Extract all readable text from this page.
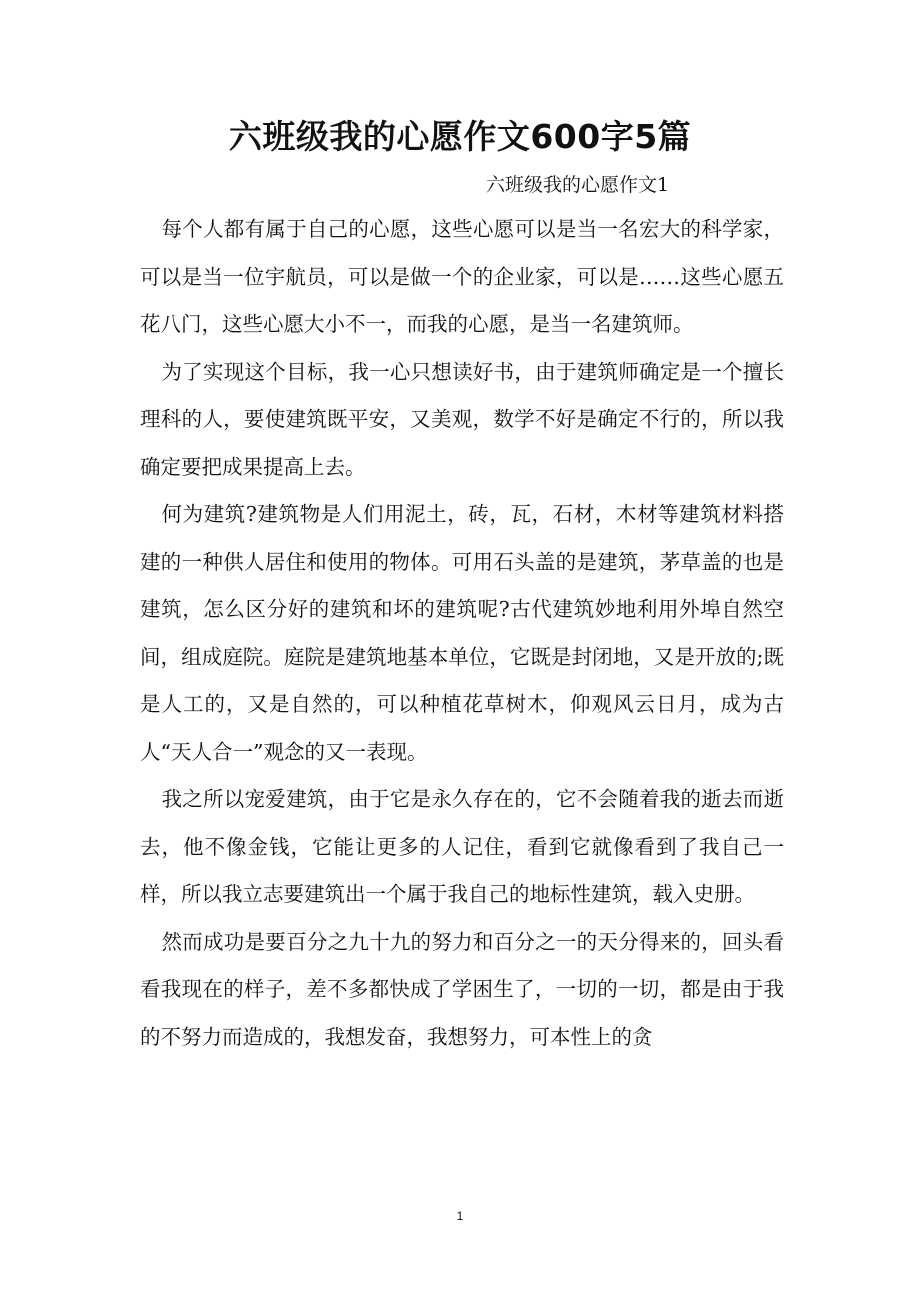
六班级我的心愿作文600字5篇
六班级我的心愿作文1

每个人都有属于自己的心愿，这些心愿可以是当一名宏大的科学家，可以是当一位宇航员，可以是做一个的企业家，可以是……这些心愿五花八门，这些心愿大小不一，而我的心愿，是当一名建筑师。

为了实现这个目标，我一心只想读好书，由于建筑师确定是一个擅长理科的人，要使建筑既平安，又美观，数学不好是确定不行的，所以我确定要把成果提高上去。

何为建筑?建筑物是人们用泥土，砖，瓦，石材，木材等建筑材料搭建的一种供人居住和使用的物体。可用石头盖的是建筑，茅草盖的也是建筑，怎么区分好的建筑和坏的建筑呢?古代建筑妙地利用外埠自然空间，组成庭院。庭院是建筑地基本单位，它既是封闭地，又是开放的;既是人工的，又是自然的，可以种植花草树木，仰观风云日月，成为古人“天人合一”观念的又一表现。

我之所以宠爱建筑，由于它是永久存在的，它不会随着我的逝去而逝去，他不像金钱，它能让更多的人记住，看到它就像看到了我自己一样，所以我立志要建筑出一个属于我自己的地标性建筑，载入史册。

然而成功是要百分之九十九的努力和百分之一的天分得来的，回头看看我现在的样子，差不多都快成了学困生了，一切的一切，都是由于我的不努力而造成的，我想发奋，我想努力，可本性上的贪

1
